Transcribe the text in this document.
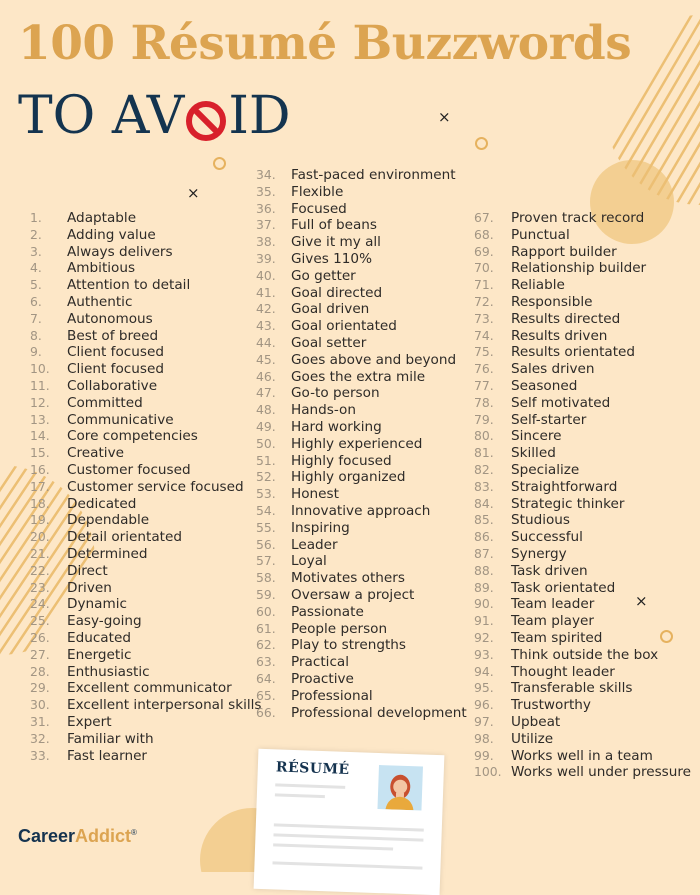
×
×
×
100 Résumé Buzzwords
TO AV ID
1.	Adaptable
2.	Adding value
3.	Always delivers
4.	Ambitious
5.	Attention to detail
6.	Authentic
7.	Autonomous
8.	Best of breed
9.	Client focused
10.	Client focused
11.	Collaborative
12.	Committed
13.	Communicative
14.	Core competencies
15.	Creative
16.	Customer focused
17.	Customer service focused
18.	Dedicated
19.	Dependable
20.	Detail orientated
21.	Determined
22.	Direct
23.	Driven
24.	Dynamic
25.	Easy-going
26.	Educated
27.	Energetic
28.	Enthusiastic
29.	Excellent communicator
30.	Excellent interpersonal skills
31.	Expert
32.	Familiar with
33.	Fast learner
34.	Fast-paced environment
35.	Flexible
36.	Focused
37.	Full of beans
38.	Give it my all
39.	Gives 110%
40.	Go getter
41.	Goal directed
42.	Goal driven
43.	Goal orientated
44.	Goal setter
45.	Goes above and beyond
46.	Goes the extra mile
47.	Go-to person
48.	Hands-on
49.	Hard working
50.	Highly experienced
51.	Highly focused
52.	Highly organized
53.	Honest
54.	Innovative approach
55.	Inspiring
56.	Leader
57.	Loyal
58.	Motivates others
59.	Oversaw a project
60.	Passionate
61.	People person
62.	Play to strengths
63.	Practical
64.	Proactive
65.	Professional
66.	Professional development
67.	Proven track record
68.	Punctual
69.	Rapport builder
70.	Relationship builder
71.	Reliable
72.	Responsible
73.	Results directed
74.	Results driven
75.	Results orientated
76.	Sales driven
77.	Seasoned
78.	Self motivated
79.	Self-starter
80.	Sincere
81.	Skilled
82.	Specialize
83.	Straightforward
84.	Strategic thinker
85.	Studious
86.	Successful
87.	Synergy
88.	Task driven
89.	Task orientated
90.	Team leader
91.	Team player
92.	Team spirited
93.	Think outside the box
94.	Thought leader
95.	Transferable skills
96.	Trustworthy
97.	Upbeat
98.	Utilize
99.	Works well in a team
100. Works well under pressure
RÉSUMÉ
CareerAddict®
